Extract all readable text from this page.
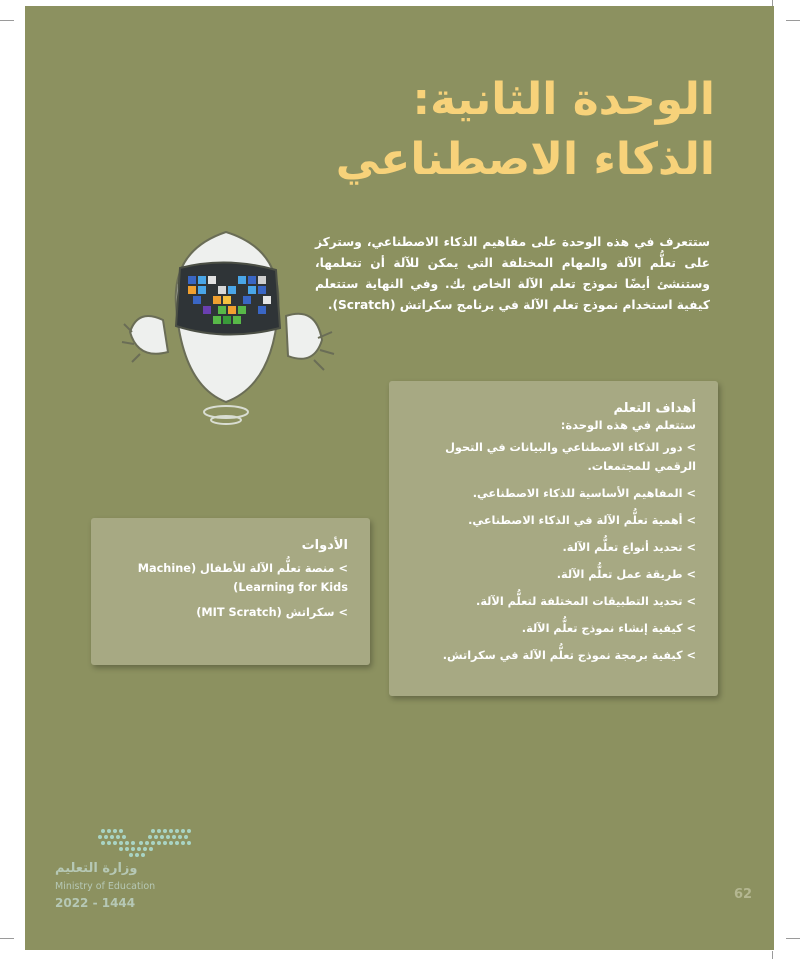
الوحدة الثانية:
الذكاء الاصطناعي
ستتعرف في هذه الوحدة على مفاهيم الذكاء الاصطناعي، وستركز على تعلُّم الآلة والمهام المختلفة التي يمكن للآلة أن تتعلمها، وستنشئ أيضًا نموذج تعلم الآلة الخاص بك. وفي النهاية ستتعلم كيفية استخدام نموذج تعلم الآلة في برنامج سكراتش (Scratch).
أهداف التعلم
ستتعلم في هذه الوحدة:
>دور الذكاء الاصطناعي والبيانات في التحول الرقمي للمجتمعات.
>المفاهيم الأساسية للذكاء الاصطناعي.
>أهمية تعلُّم الآلة في الذكاء الاصطناعي.
>تحديد أنواع تعلُّم الآلة.
>طريقة عمل تعلُّم الآلة.
>تحديد التطبيقات المختلفة لتعلُّم الآلة.
>كيفية إنشاء نموذج تعلُّم الآلة.
>كيفية برمجة نموذج تعلُّم الآلة في سكراتش.
الأدوات
>منصة تعلُّم الآلة للأطفال (Machine Learning for Kids)
>سكراتش (MIT Scratch)
وزارة التعليم
Ministry of Education
2022 - 1444
62
